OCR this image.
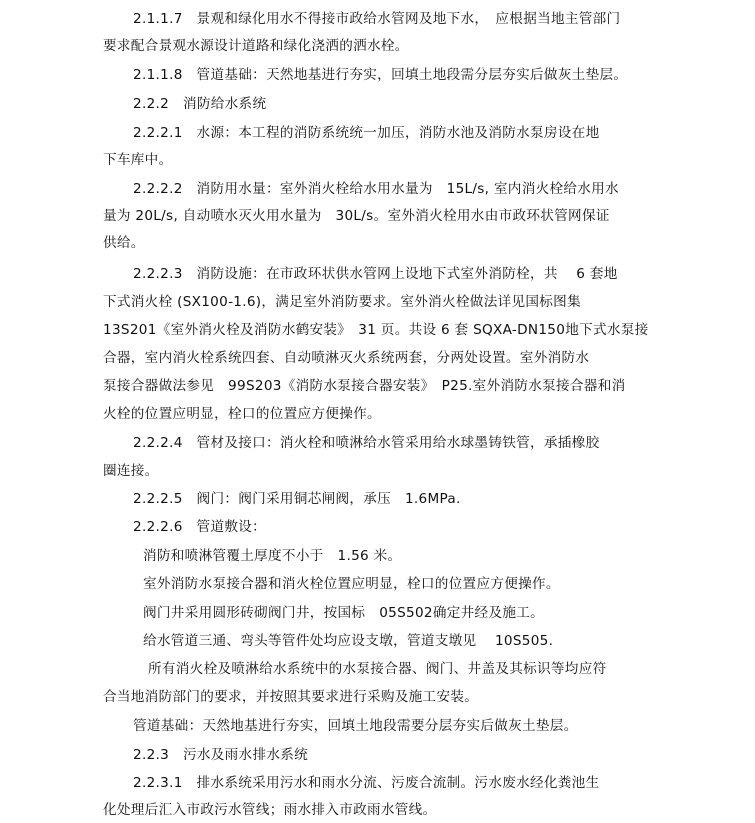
2.1.1.7　景观和绿化用水不得接市政给水管网及地下水，　应根据当地主管部门
要求配合景观水源设计道路和绿化浇洒的洒水栓。
2.1.1.8　管道基础：天然地基进行夯实，回填土地段需分层夯实后做灰土垫层。
2.2.2　消防给水系统
2.2.2.1　水源：本工程的消防系统统一加压，消防水池及消防水泵房设在地
下车库中。
2.2.2.2　消防用水量：室外消火栓给水用水量为　15L/s, 室内消火栓给水用水
量为 20L/s, 自动喷水灭火用水量为　30L/s。室外消火栓用水由市政环状管网保证
供给。
2.2.2.3　消防设施：在市政环状供水管网上设地下式室外消防栓，共　 6 套地
下式消火栓 (SX100-1.6)，满足室外消防要求。室外消火栓做法详见国标图集
13S201《室外消火栓及消防水鹤安装》　31 页。共设 6 套 SQXA-DN150地下式水泵接
合器，室内消火栓系统四套、自动喷淋灭火系统两套，分两处设置。室外消防水
泵接合器做法参见　99S203《消防水泵接合器安装》　P25.室外消防水泵接合器和消
火栓的位置应明显，栓口的位置应方便操作。
2.2.2.4　管材及接口：消火栓和喷淋给水管采用给水球墨铸铁管，承插橡胶
圈连接。
2.2.2.5　阀门：阀门采用铜芯闸阀，承压　1.6MPa.
2.2.2.6　管道敷设：
消防和喷淋管覆土厚度不小于　1.56 米。
室外消防水泵接合器和消火栓位置应明显，栓口的位置应方便操作。
阀门井采用圆形砖砌阀门井，按国标　05S502确定井经及施工。
给水管道三通、弯头等管件处均应设支墩，管道支墩见　 10S505.
所有消火栓及喷淋给水系统中的水泵接合器、阀门、井盖及其标识等均应符
合当地消防部门的要求，并按照其要求进行采购及施工安装。
管道基础：天然地基进行夯实，回填土地段需要分层夯实后做灰土垫层。
2.2.3　污水及雨水排水系统
2.2.3.1　排水系统采用污水和雨水分流、污废合流制。污水废水经化粪池生
化处理后汇入市政污水管线；雨水排入市政雨水管线。
